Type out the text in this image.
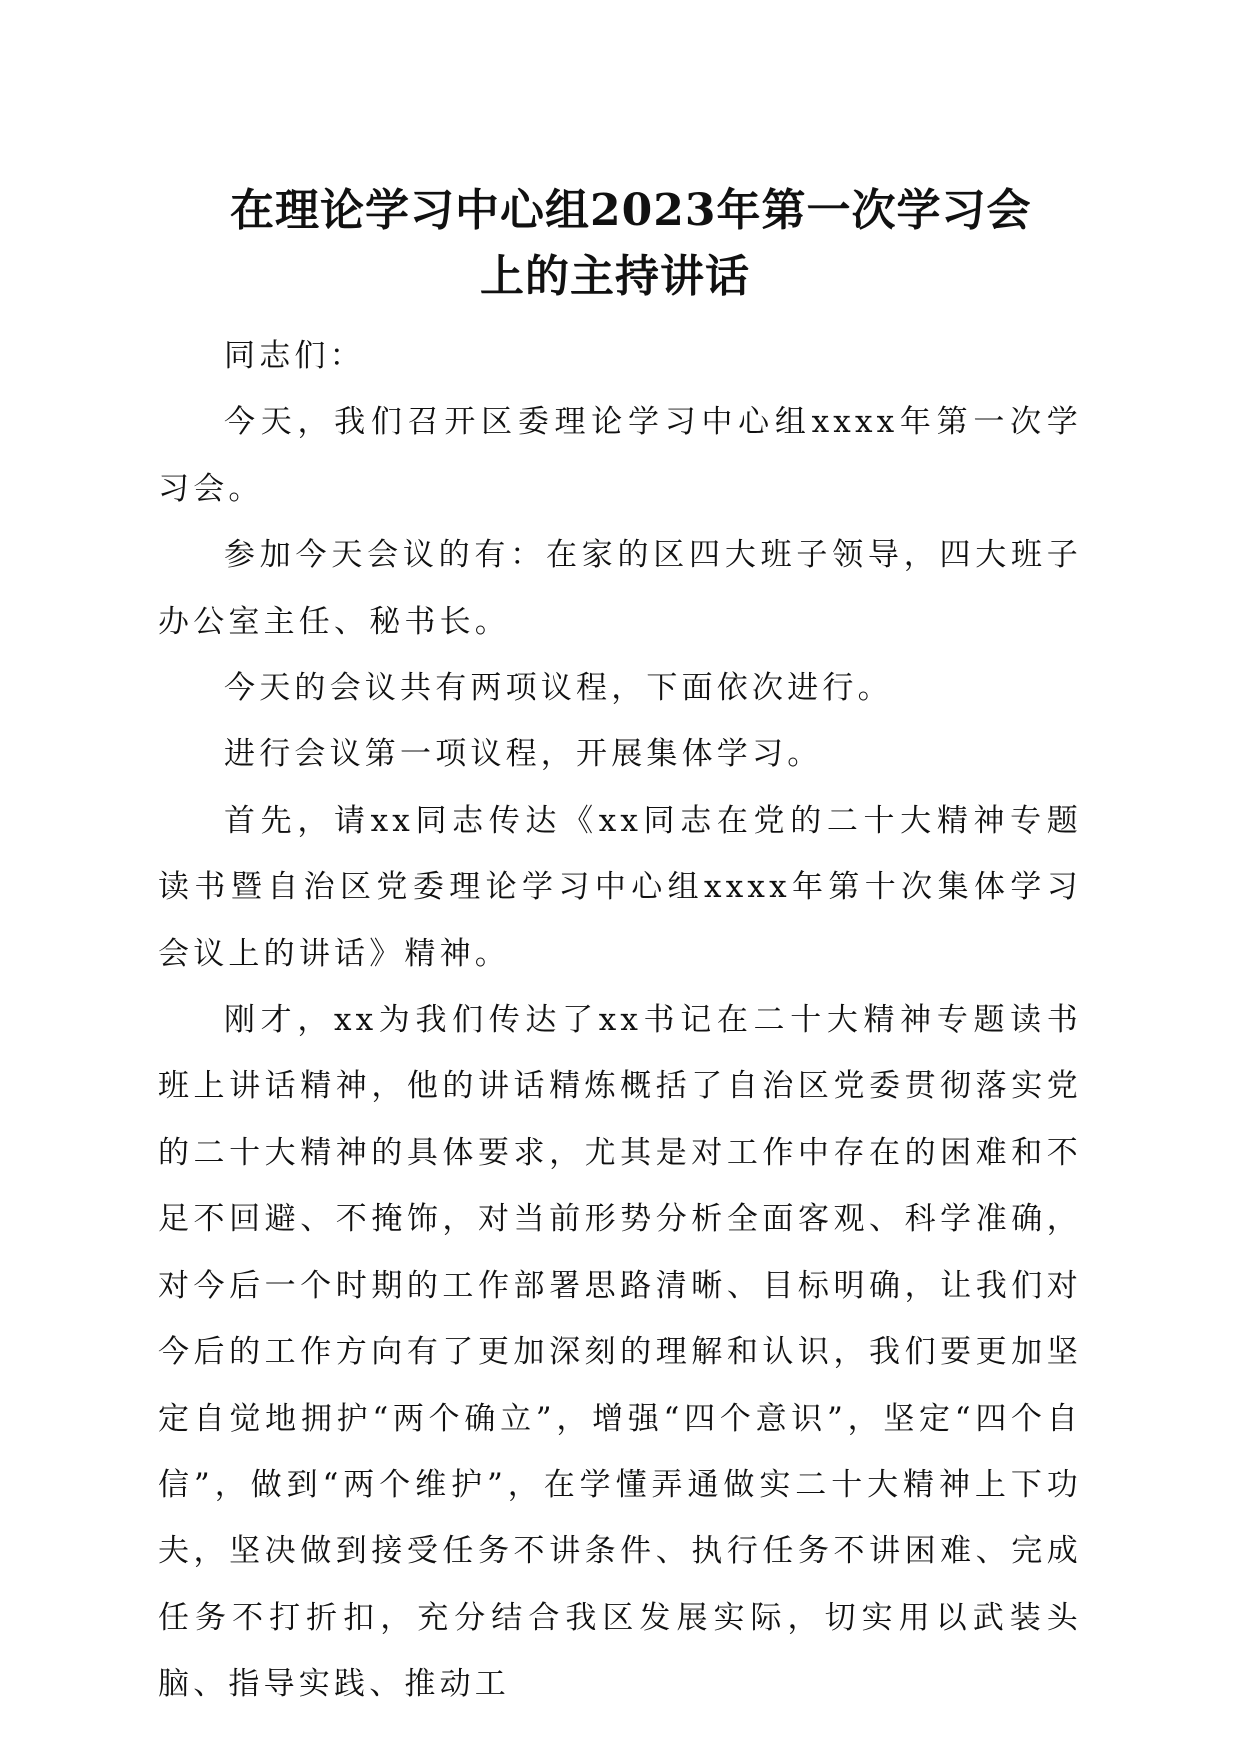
在理论学习中心组2023年第一次学习会
上的主持讲话

同志们：

今天，我们召开区委理论学习中心组xxxx年第一次学习会。

参加今天会议的有：在家的区四大班子领导，四大班子办公室主任、秘书长。

今天的会议共有两项议程，下面依次进行。

进行会议第一项议程，开展集体学习。

首先，请xx同志传达《xx同志在党的二十大精神专题读书暨自治区党委理论学习中心组xxxx年第十次集体学习会议上的讲话》精神。

刚才，xx为我们传达了xx书记在二十大精神专题读书班上讲话精神，他的讲话精炼概括了自治区党委贯彻落实党的二十大精神的具体要求，尤其是对工作中存在的困难和不足不回避、不掩饰，对当前形势分析全面客观、科学准确，对今后一个时期的工作部署思路清晰、目标明确，让我们对今后的工作方向有了更加深刻的理解和认识，我们要更加坚定自觉地拥护“两个确立”，增强“四个意识”，坚定“四个自信”，做到“两个维护”，在学懂弄通做实二十大精神上下功夫，坚决做到接受任务不讲条件、执行任务不讲困难、完成任务不打折扣，充分结合我区发展实际，切实用以武装头脑、指导实践、推动工
